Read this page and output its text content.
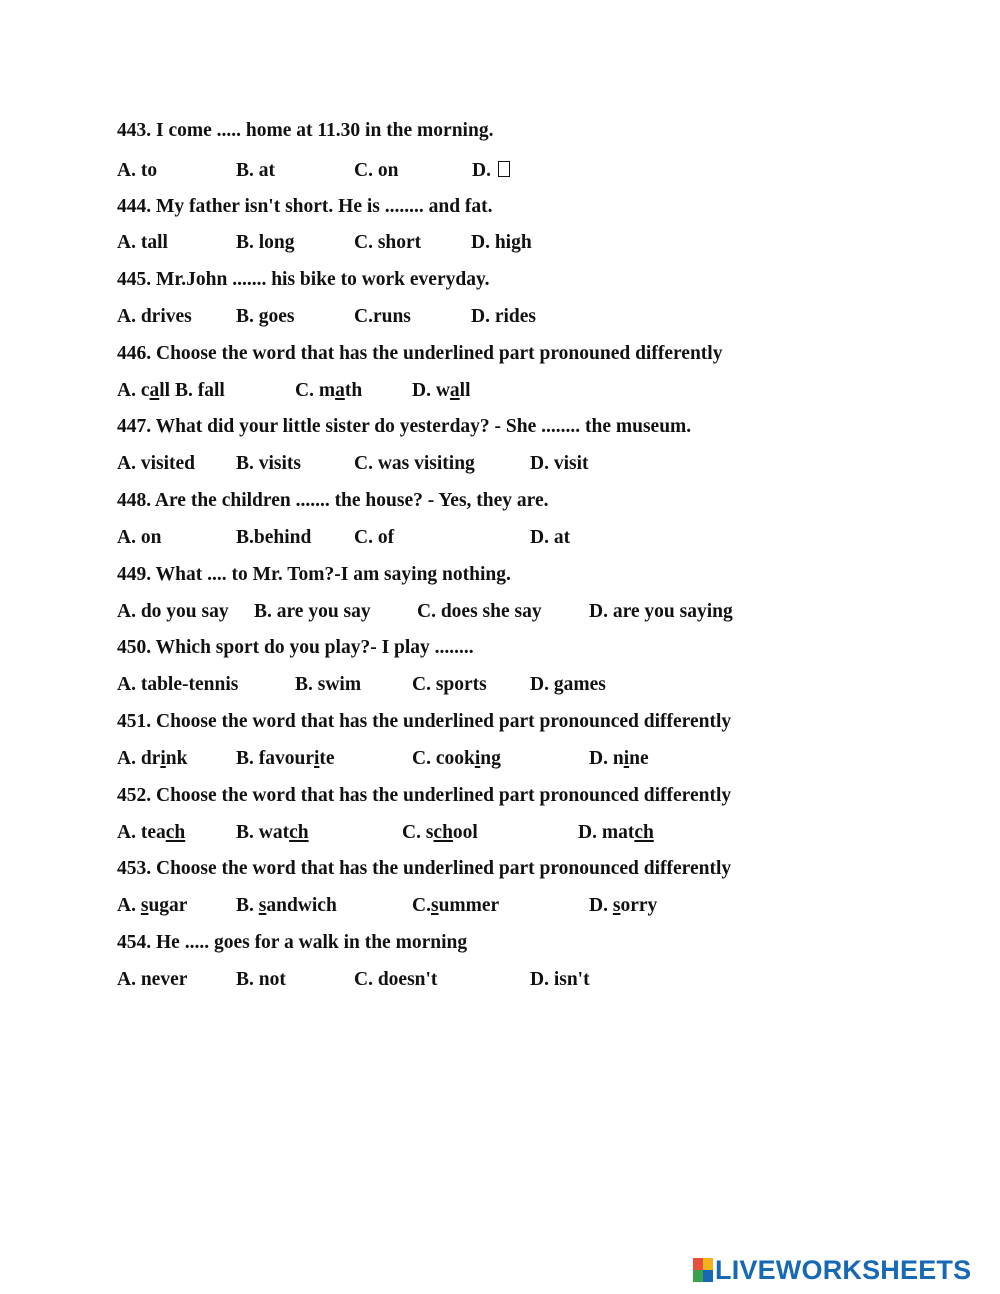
443. I come ..... home at 11.30 in the morning.
A. to	B. at	C. on	D.
444. My father isn't short. He is ........ and fat.
A. tall	B. long	C. short	D. high
445. Mr.John ....... his bike to work everyday.
A. drives B. goes	C.runs	D. rides
446. Choose the word that has the underlined part pronouned differently
A. call B. fall	C. math	D. wall
447. What did your little sister do yesterday? - She ........ the museum.
A. visited B. visits	C. was visiting	D. visit
448. Are the children ....... the house? - Yes, they are.
A. on	B.behind C. of	D. at
449. What .... to Mr. Tom?-I am saying nothing.
A. do you say B. are you say C. does she say D. are you saying
450. Which sport do you play?- I play ........
A. table-tennis	B. swim	C. sports D. games
451. Choose the word that has the underlined part pronounced differently
A. drink B. favourite	C. cooking	D. nine
452. Choose the word that has the underlined part pronounced differently
A. teach	B. watch	C. school	D. match
453. Choose the word that has the underlined part pronounced differently
A. sugar B. sandwich	C.summer	D. sorry
454. He ..... goes for a walk in the morning
A. never B. not	C. doesn't	D. isn't
LIVEWORKSHEETS
